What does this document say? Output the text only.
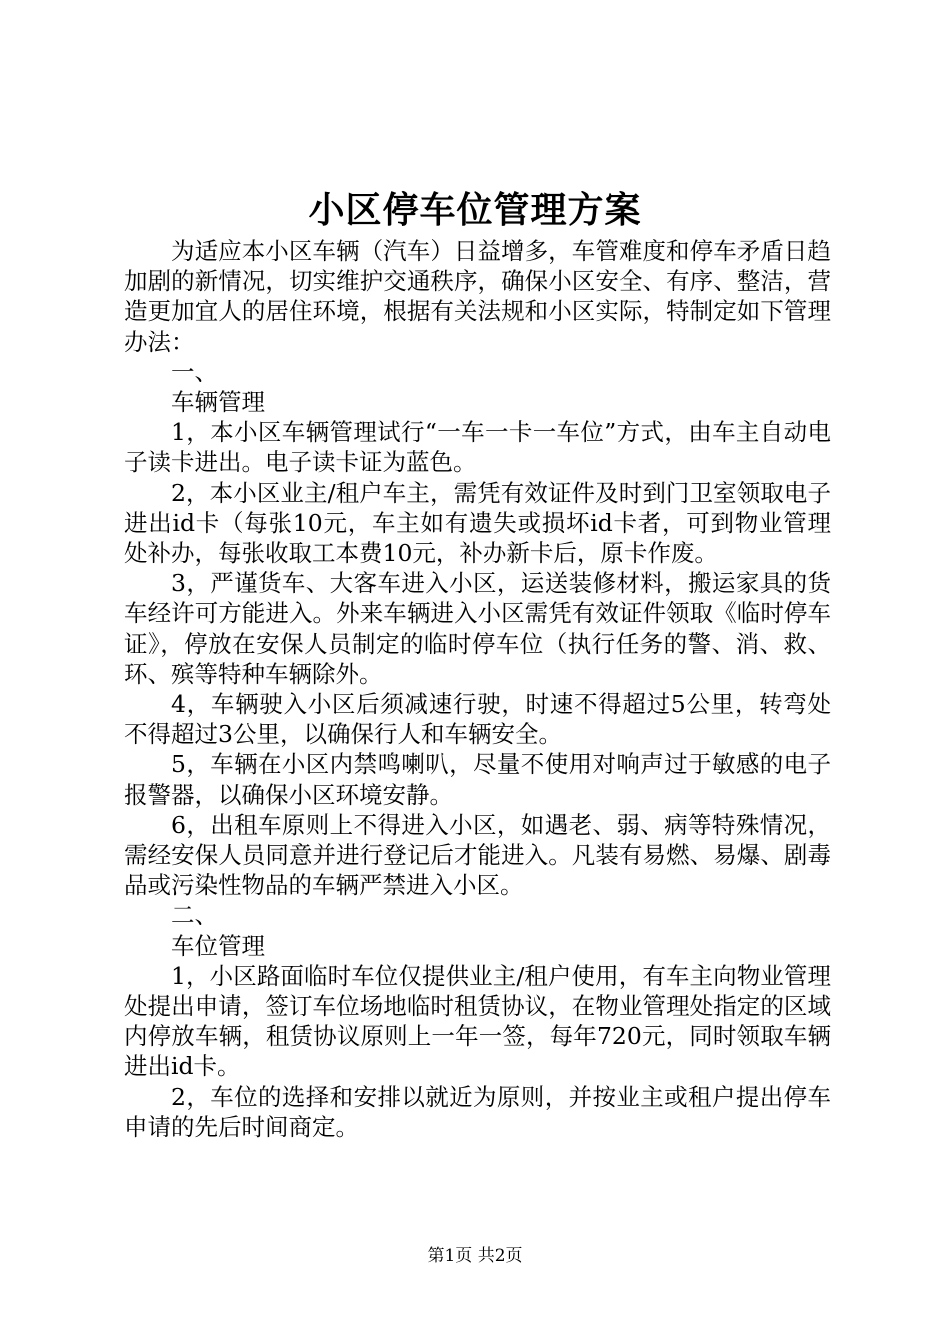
小区停车位管理方案

为适应本小区车辆（汽车）日益增多，车管难度和停车矛盾日趋加剧的新情况，切实维护交通秩序，确保小区安全、有序、整洁，营造更加宜人的居住环境，根据有关法规和小区实际，特制定如下管理办法：

一、

车辆管理

1，本小区车辆管理试行“一车一卡一车位”方式，由车主自动电子读卡进出。电子读卡证为蓝色。

2，本小区业主/租户车主，需凭有效证件及时到门卫室领取电子进出id卡（每张10元，车主如有遗失或损坏id卡者，可到物业管理处补办，每张收取工本费10元，补办新卡后，原卡作废。

3，严谨货车、大客车进入小区，运送装修材料，搬运家具的货车经许可方能进入。外来车辆进入小区需凭有效证件领取《临时停车证》，停放在安保人员制定的临时停车位（执行任务的警、消、救、环、殡等特种车辆除外。

4，车辆驶入小区后须减速行驶，时速不得超过5公里，转弯处不得超过3公里，以确保行人和车辆安全。

5，车辆在小区内禁鸣喇叭，尽量不使用对响声过于敏感的电子报警器，以确保小区环境安静。

6，出租车原则上不得进入小区，如遇老、弱、病等特殊情况，需经安保人员同意并进行登记后才能进入。凡装有易燃、易爆、剧毒品或污染性物品的车辆严禁进入小区。

二、

车位管理

1，小区路面临时车位仅提供业主/租户使用，有车主向物业管理处提出申请，签订车位场地临时租赁协议，在物业管理处指定的区域内停放车辆，租赁协议原则上一年一签，每年720元，同时领取车辆进出id卡。

2，车位的选择和安排以就近为原则，并按业主或租户提出停车申请的先后时间商定。

第1页 共2页
